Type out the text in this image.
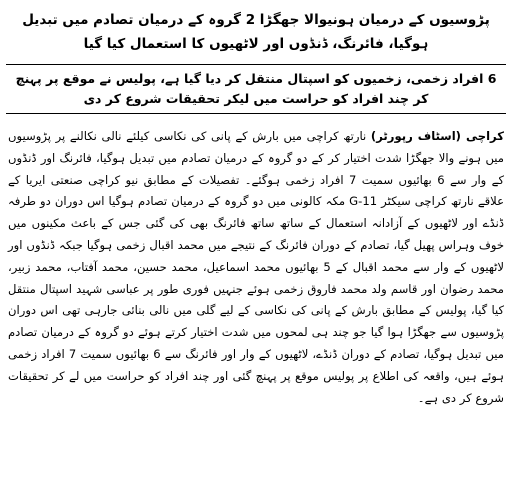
پڑوسیوں کے درمیان ہونیوالا جھگڑا 2 گروہ کے درمیان تصادم میں تبدیل ہوگیا، فائرنگ، ڈنڈوں اور لاٹھیوں کا استعمال کیا گیا
6 افراد زخمی، زخمیوں کو اسپتال منتقل کر دیا گیا ہے، پولیس نے موقع پر پہنچ کر چند افراد کو حراست میں لیکر تحقیقات شروع کر دی
کراچی (اسٹاف رپورٹر) نارتھ کراچی میں بارش کے پانی کی نکاسی کیلئے نالی نکالنے پر پڑوسیوں میں ہونے والا جھگڑا شدت اختیار کر کے دو گروہ کے درمیان تصادم میں تبدیل ہوگیا، فائرنگ اور ڈنڈوں کے وار سے 6 بھائیوں سمیت 7 افراد زخمی ہوگئے۔ تفصیلات کے مطابق نیو کراچی صنعتی ایریا کے علاقے نارتھ کراچی سیکٹر G-11 مکہ کالونی میں دو گروہ کے درمیان تصادم ہوگیا اس دوران دو طرفہ ڈنڈے اور لاٹھیوں کے آزادانہ استعمال کے ساتھ ساتھ فائرنگ بھی کی گئی جس کے باعث مکینوں میں خوف وہراس پھیل گیا، تصادم کے دوران فائرنگ کے نتیجے میں محمد اقبال زخمی ہوگیا جبکہ ڈنڈوں اور لاٹھیوں کے وار سے محمد اقبال کے 5 بھائیوں محمد اسماعیل، محمد حسین، محمد آفتاب، محمد زبیر، محمد رضوان اور قاسم ولد محمد فاروق زخمی ہوئے جنہیں فوری طور پر عباسی شہید اسپتال منتقل کیا گیا، پولیس کے مطابق بارش کے پانی کی نکاسی کے لیے گلی میں نالی بنائی جارہی تھی اس دوران پڑوسیوں سے جھگڑا ہوا گیا جو چند ہی لمحوں میں شدت اختیار کرتے ہوئے دو گروہ کے درمیان تصادم میں تبدیل ہوگیا، تصادم کے دوران ڈنڈے، لاٹھیوں کے وار اور فائرنگ سے 6 بھائیوں سمیت 7 افراد زخمی ہوئے ہیں، واقعہ کی اطلاع پر پولیس موقع پر پہنچ گئی اور چند افراد کو حراست میں لے کر تحقیقات شروع کر دی ہے۔
